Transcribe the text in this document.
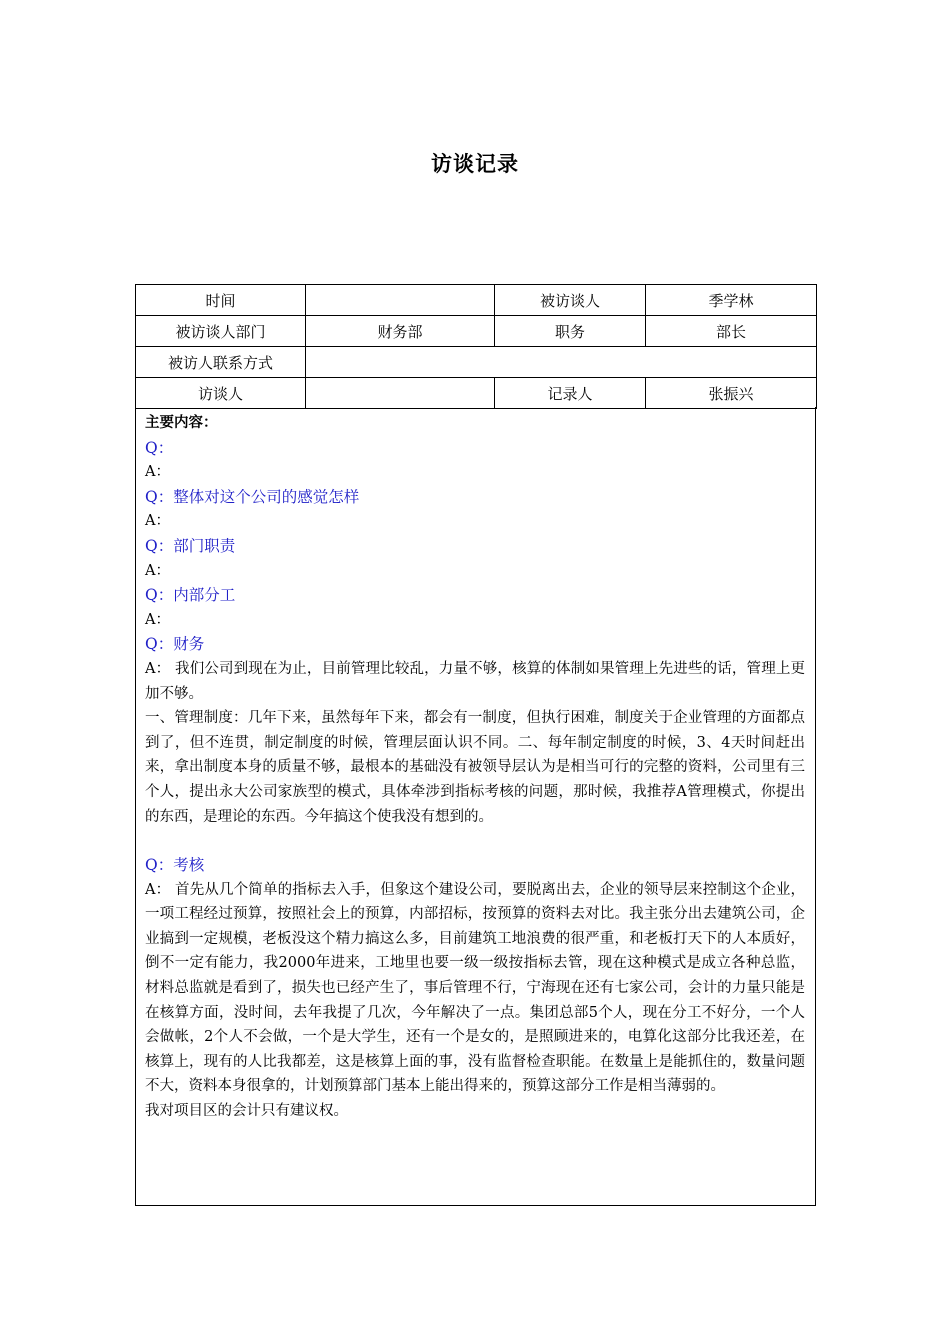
访谈记录
时间		被访谈人	季学林
被访谈人部门	财务部	职务	部长
被访人联系方式			
访谈人		记录人	张振兴

主要内容：

Q：

A：

Q：整体对这个公司的感觉怎样

A：

Q：部门职责

A：

Q：内部分工

A：

Q：财务

A： 我们公司到现在为止，目前管理比较乱，力量不够，核算的体制如果管理上先进些的话，管理上更加不够。

一、管理制度：几年下来，虽然每年下来，都会有一制度，但执行困难，制度关于企业管理的方面都点到了，但不连贯，制定制度的时候，管理层面认识不同。二、每年制定制度的时候，3、4天时间赶出来，拿出制度本身的质量不够，最根本的基础没有被领导层认为是相当可行的完整的资料，公司里有三个人，提出永大公司家族型的模式，具体牵涉到指标考核的问题，那时候，我推荐A管理模式，你提出的东西，是理论的东西。今年搞这个使我没有想到的。

Q：考核

A： 首先从几个简单的指标去入手，但象这个建设公司，要脱离出去，企业的领导层来控制这个企业，一项工程经过预算，按照社会上的预算，内部招标，按预算的资料去对比。我主张分出去建筑公司，企业搞到一定规模，老板没这个精力搞这么多，目前建筑工地浪费的很严重，和老板打天下的人本质好，倒不一定有能力，我2000年进来，工地里也要一级一级按指标去管，现在这种模式是成立各种总监，材料总监就是看到了，损失也已经产生了，事后管理不行，宁海现在还有七家公司，会计的力量只能是在核算方面，没时间，去年我提了几次，今年解决了一点。集团总部5个人，现在分工不好分，一个人会做帐，2个人不会做，一个是大学生，还有一个是女的，是照顾进来的，电算化这部分比我还差，在核算上，现有的人比我都差，这是核算上面的事，没有监督检查职能。在数量上是能抓住的，数量问题不大，资料本身很拿的，计划预算部门基本上能出得来的，预算这部分工作是相当薄弱的。

我对项目区的会计只有建议权。
